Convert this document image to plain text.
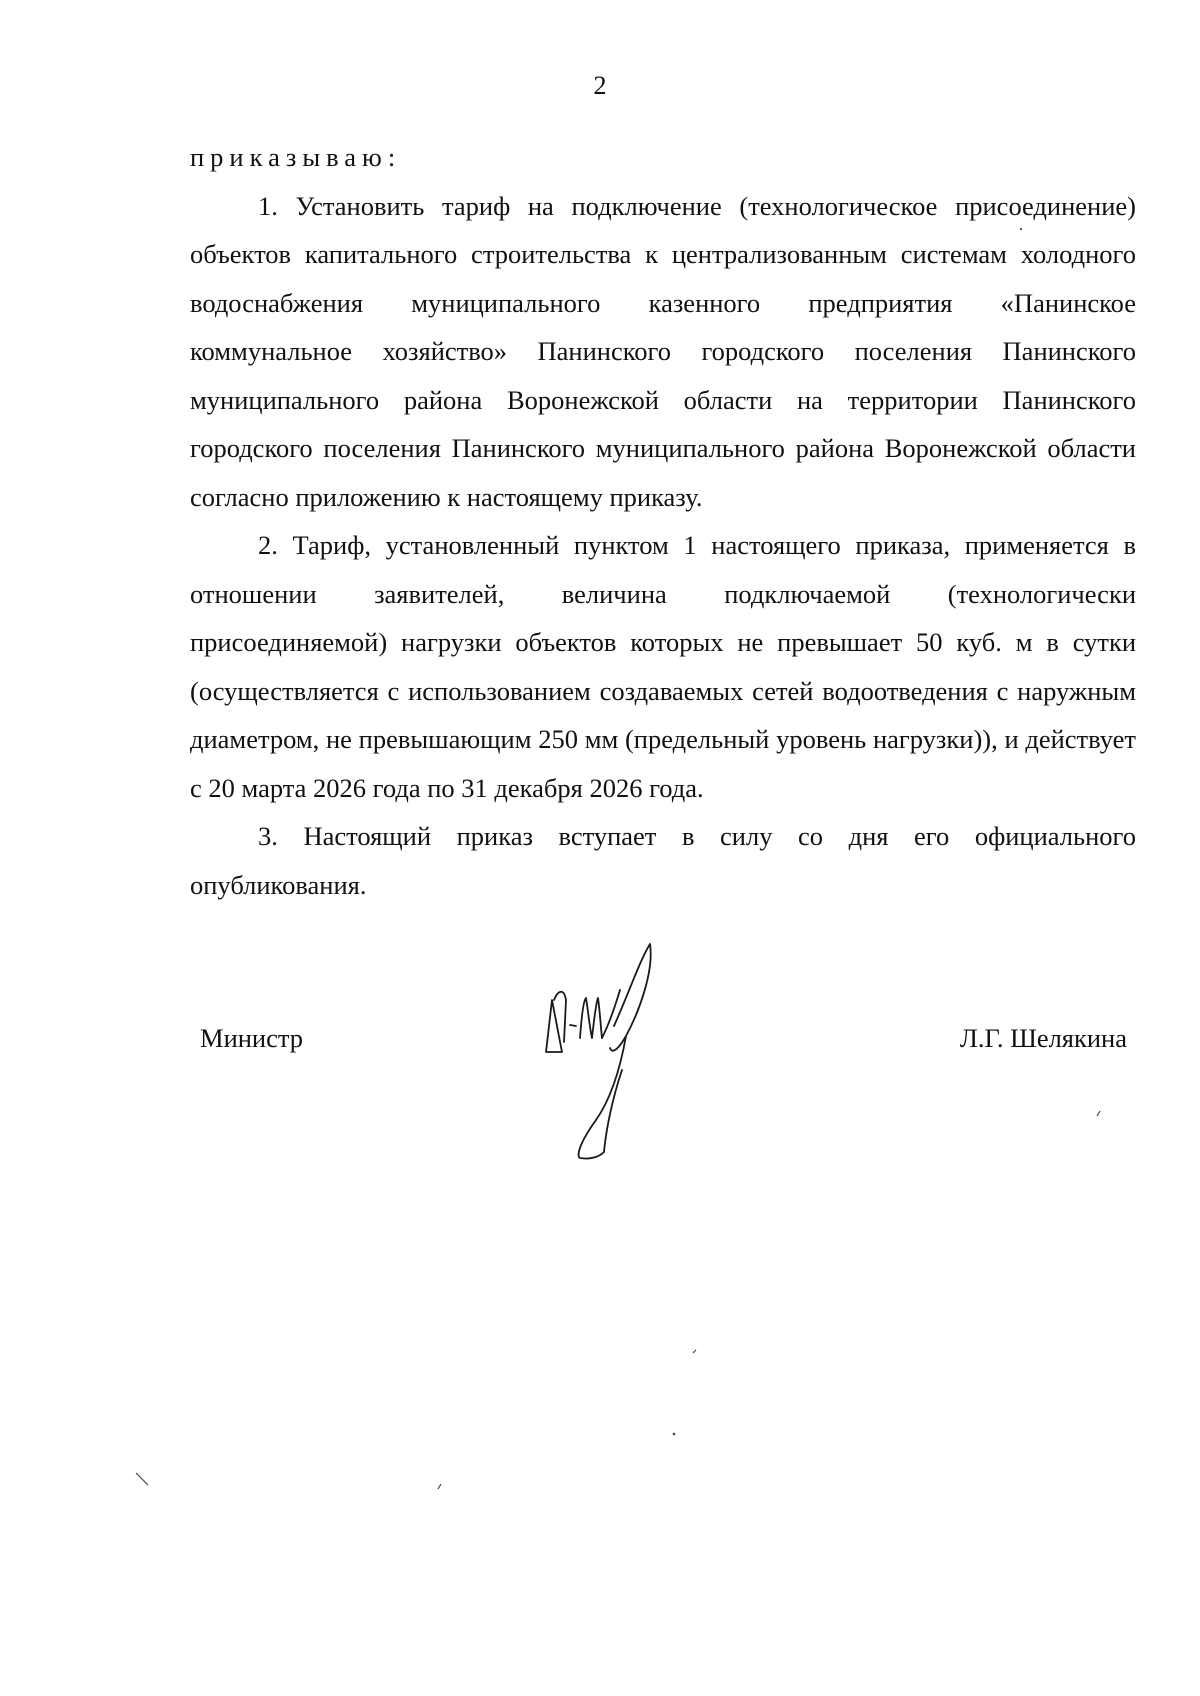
2

приказываю:

1. Установить тариф на подключение (технологическое присоединение) объектов капитального строительства к централизованным системам холодного водоснабжения муниципального казенного предприятия «Панинское коммунальное хозяйство» Панинского городского поселения Панинского муниципального района Воронежской области на территории Панинского городского поселения Панинского муниципального района Воронежской области согласно приложению к настоящему приказу.

2. Тариф, установленный пунктом 1 настоящего приказа, применяется в отношении заявителей, величина подключаемой (технологически присоединяемой) нагрузки объектов которых не превышает 50 куб. м в сутки (осуществляется с использованием создаваемых сетей водоотведения с наружным диаметром, не превышающим 250 мм (предельный уровень нагрузки)), и действует с 20 марта 2026 года по 31 декабря 2026 года.

3. Настоящий приказ вступает в силу со дня его официального опубликования.

Министр	Л.Г. Шелякина
